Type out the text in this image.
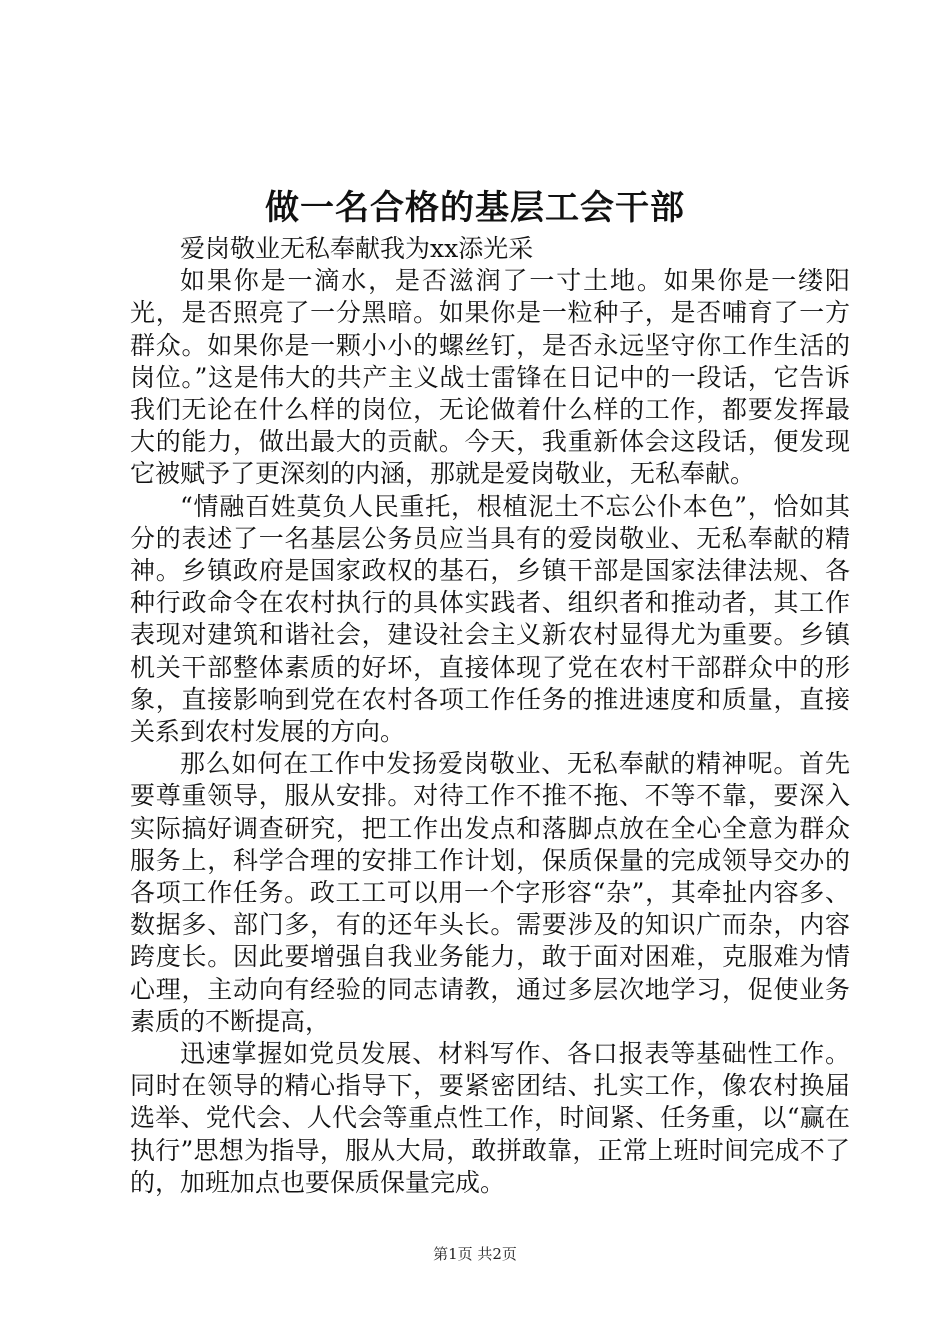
做一名合格的基层工会干部

爱岗敬业无私奉献我为xx添光采

如果你是一滴水，是否滋润了一寸土地。如果你是一缕阳光，是否照亮了一分黑暗。如果你是一粒种子，是否哺育了一方群众。如果你是一颗小小的螺丝钉，是否永远坚守你工作生活的岗位。”这是伟大的共产主义战士雷锋在日记中的一段话，它告诉我们无论在什么样的岗位，无论做着什么样的工作，都要发挥最大的能力，做出最大的贡献。今天，我重新体会这段话，便发现它被赋予了更深刻的内涵，那就是爱岗敬业，无私奉献。

“情融百姓莫负人民重托，根植泥土不忘公仆本色”，恰如其分的表述了一名基层公务员应当具有的爱岗敬业、无私奉献的精神。乡镇政府是国家政权的基石，乡镇干部是国家法律法规、各种行政命令在农村执行的具体实践者、组织者和推动者，其工作表现对建筑和谐社会，建设社会主义新农村显得尤为重要。乡镇机关干部整体素质的好坏，直接体现了党在农村干部群众中的形象，直接影响到党在农村各项工作任务的推进速度和质量，直接关系到农村发展的方向。

那么如何在工作中发扬爱岗敬业、无私奉献的精神呢。首先要尊重领导，服从安排。对待工作不推不拖、不等不靠，要深入实际搞好调查研究，把工作出发点和落脚点放在全心全意为群众服务上，科学合理的安排工作计划，保质保量的完成领导交办的各项工作任务。政工工可以用一个字形容“杂”，其牵扯内容多、数据多、部门多，有的还年头长。需要涉及的知识广而杂，内容跨度长。因此要增强自我业务能力，敢于面对困难，克服难为情心理，主动向有经验的同志请教，通过多层次地学习，促使业务素质的不断提高，

迅速掌握如党员发展、材料写作、各口报表等基础性工作。同时在领导的精心指导下，要紧密团结、扎实工作，像农村换届选举、党代会、人代会等重点性工作，时间紧、任务重，以“赢在执行”思想为指导，服从大局，敢拼敢靠，正常上班时间完成不了的，加班加点也要保质保量完成。

第1页 共2页
